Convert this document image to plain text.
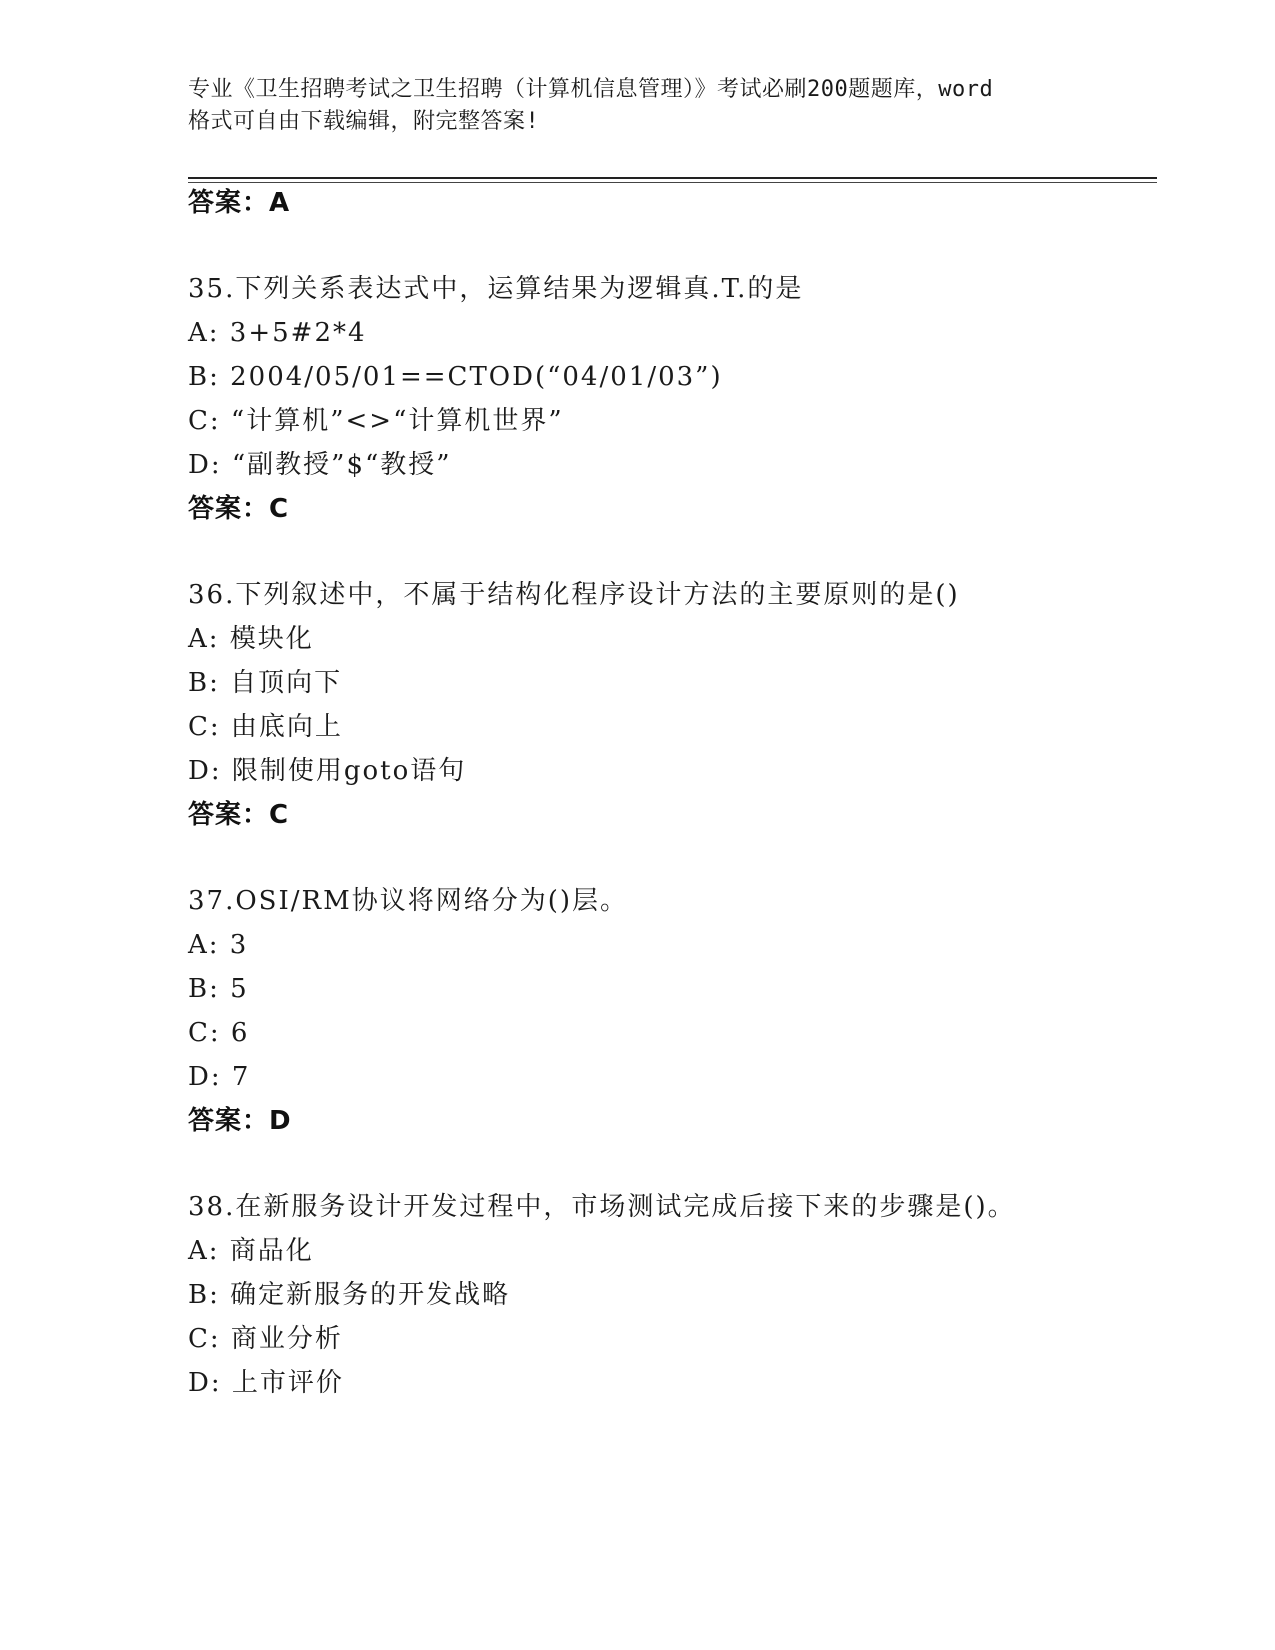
专业《卫生招聘考试之卫生招聘（计算机信息管理）》考试必刷200题题库，word
格式可自由下载编辑，附完整答案!
答案：A
35.下列关系表达式中，运算结果为逻辑真.T.的是
A: 3+5#2*4
B: 2004/05/01==CTOD(“04/01/03”)
C: “计算机”<>“计算机世界”
D: “副教授”$“教授”
答案：C
36.下列叙述中，不属于结构化程序设计方法的主要原则的是()
A: 模块化
B: 自顶向下
C: 由底向上
D: 限制使用goto语句
答案：C
37.OSI/RM协议将网络分为()层。
A: 3
B: 5
C: 6
D: 7
答案：D
38.在新服务设计开发过程中，市场测试完成后接下来的步骤是()。
A: 商品化
B: 确定新服务的开发战略
C: 商业分析
D: 上市评价
